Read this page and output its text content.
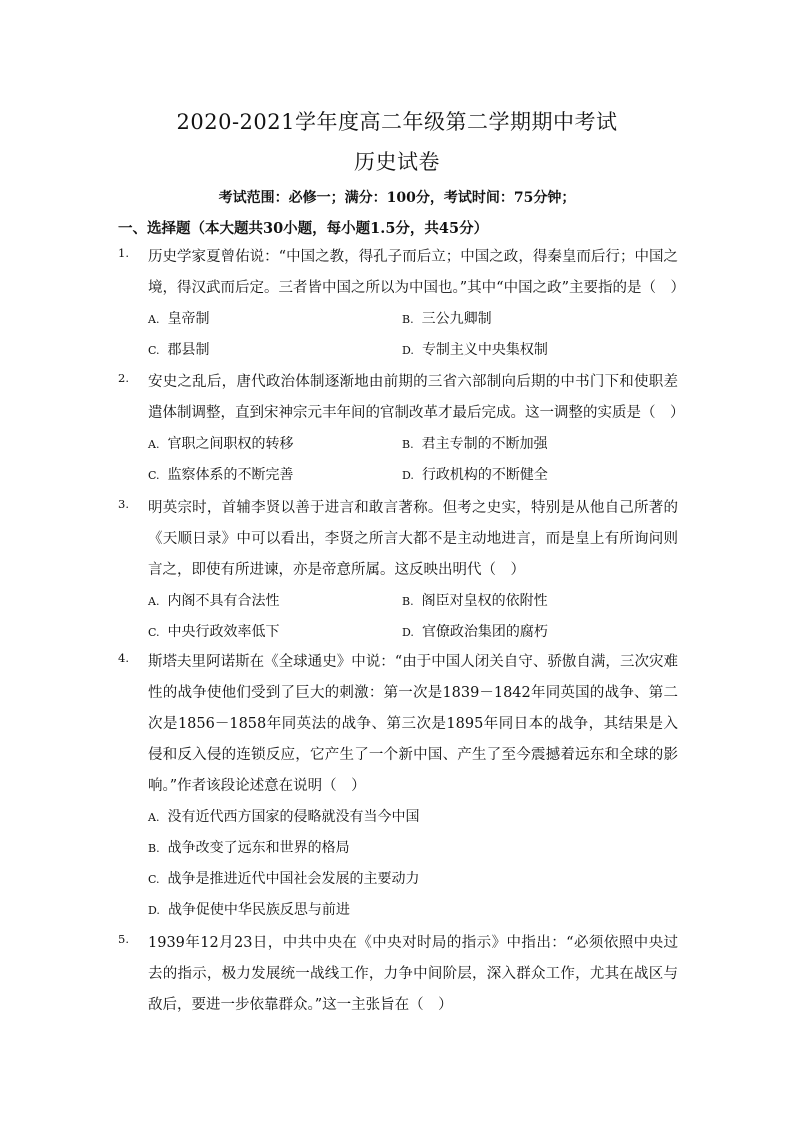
2020-2021学年度高二年级第二学期期中考试
历史试卷
考试范围：必修一；满分：100分，考试时间：75分钟；
一、选择题（本大题共30小题，每小题1.5分，共45分）
1. 历史学家夏曾佑说：“中国之教，得孔子而后立；中国之政，得秦皇而后行；中国之境，得汉武而后定。三者皆中国之所以为中国也。”其中“中国之政”主要指的是（　）
A. 皇帝制	B. 三公九卿制
C. 郡县制	D. 专制主义中央集权制
2. 安史之乱后，唐代政治体制逐渐地由前期的三省六部制向后期的中书门下和使职差遣体制调整，直到宋神宗元丰年间的官制改革才最后完成。这一调整的实质是（　）
A. 官职之间职权的转移	B. 君主专制的不断加强
C. 监察体系的不断完善	D. 行政机构的不断健全
3. 明英宗时，首辅李贤以善于进言和敢言著称。但考之史实，特别是从他自己所著的《天顺日录》中可以看出，李贤之所言大都不是主动地进言，而是皇上有所询问则言之，即使有所进谏，亦是帝意所属。这反映出明代（　）
A. 内阁不具有合法性	B. 阁臣对皇权的依附性
C. 中央行政效率低下	D. 官僚政治集团的腐朽
4. 斯塔夫里阿诺斯在《全球通史》中说：“由于中国人闭关自守、骄傲自满，三次灾难性的战争使他们受到了巨大的刺激：第一次是1839－1842年同英国的战争、第二次是1856－1858年同英法的战争、第三次是1895年同日本的战争，其结果是入侵和反入侵的连锁反应，它产生了一个新中国、产生了至今震撼着远东和全球的影响。”作者该段论述意在说明（　）
A. 没有近代西方国家的侵略就没有当今中国
B. 战争改变了远东和世界的格局
C. 战争是推进近代中国社会发展的主要动力
D. 战争促使中华民族反思与前进
5. 1939年12月23日，中共中央在《中央对时局的指示》中指出：“必须依照中央过去的指示，极力发展统一战线工作，力争中间阶层，深入群众工作，尤其在战区与敌后，要进一步依靠群众。”这一主张旨在（　）
